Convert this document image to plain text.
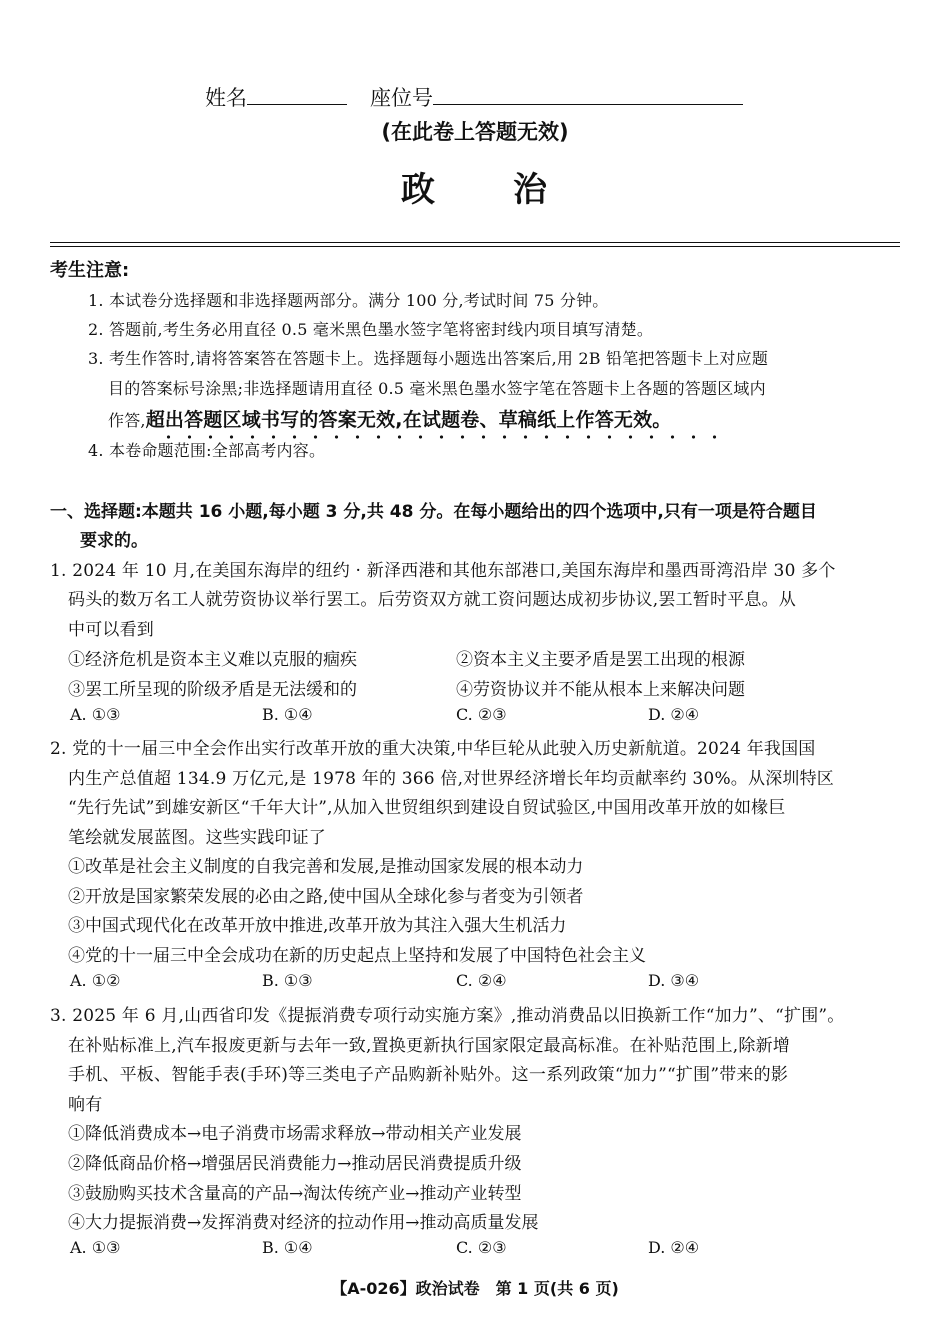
姓名	座位号
(在此卷上答题无效)
政 治
考生注意:
1. 本试卷分选择题和非选择题两部分。满分 100 分,考试时间 75 分钟。
2. 答题前,考生务必用直径 0.5 毫米黑色墨水签字笔将密封线内项目填写清楚。
3. 考生作答时,请将答案答在答题卡上。选择题每小题选出答案后,用 2B 铅笔把答题卡上对应题
目的答案标号涂黑;非选择题请用直径 0.5 毫米黑色墨水签字笔在答题卡上各题的答题区域内
作答,超出答题区域书写的答案无效,在试题卷、草稿纸上作答无效。
4. 本卷命题范围:全部高考内容。
一、选择题:本题共 16 小题,每小题 3 分,共 48 分。在每小题给出的四个选项中,只有一项是符合题目
要求的。
1. 2024 年 10 月,在美国东海岸的纽约 · 新泽西港和其他东部港口,美国东海岸和墨西哥湾沿岸 30 多个
码头的数万名工人就劳资协议举行罢工。后劳资双方就工资问题达成初步协议,罢工暂时平息。从
中可以看到
①经济危机是资本主义难以克服的痼疾	②资本主义主要矛盾是罢工出现的根源
③罢工所呈现的阶级矛盾是无法缓和的	④劳资协议并不能从根本上来解决问题
A. ①③	B. ①④	C. ②③	D. ②④
2. 党的十一届三中全会作出实行改革开放的重大决策,中华巨轮从此驶入历史新航道。2024 年我国国
内生产总值超 134.9 万亿元,是 1978 年的 366 倍,对世界经济增长年均贡献率约 30%。从深圳特区
“先行先试”到雄安新区“千年大计”,从加入世贸组织到建设自贸试验区,中国用改革开放的如椽巨
笔绘就发展蓝图。这些实践印证了
①改革是社会主义制度的自我完善和发展,是推动国家发展的根本动力
②开放是国家繁荣发展的必由之路,使中国从全球化参与者变为引领者
③中国式现代化在改革开放中推进,改革开放为其注入强大生机活力
④党的十一届三中全会成功在新的历史起点上坚持和发展了中国特色社会主义
A. ①②	B. ①③	C. ②④	D. ③④
3. 2025 年 6 月,山西省印发《提振消费专项行动实施方案》,推动消费品以旧换新工作“加力”、“扩围”。
在补贴标准上,汽车报废更新与去年一致,置换更新执行国家限定最高标准。在补贴范围上,除新增
手机、平板、智能手表(手环)等三类电子产品购新补贴外。这一系列政策“加力”“扩围”带来的影
响有
①降低消费成本→电子消费市场需求释放→带动相关产业发展
②降低商品价格→增强居民消费能力→推动居民消费提质升级
③鼓励购买技术含量高的产品→淘汰传统产业→推动产业转型
④大力提振消费→发挥消费对经济的拉动作用→推动高质量发展
A. ①③	B. ①④	C. ②③	D. ②④
【A-026】政治试卷　第 1 页(共 6 页)
